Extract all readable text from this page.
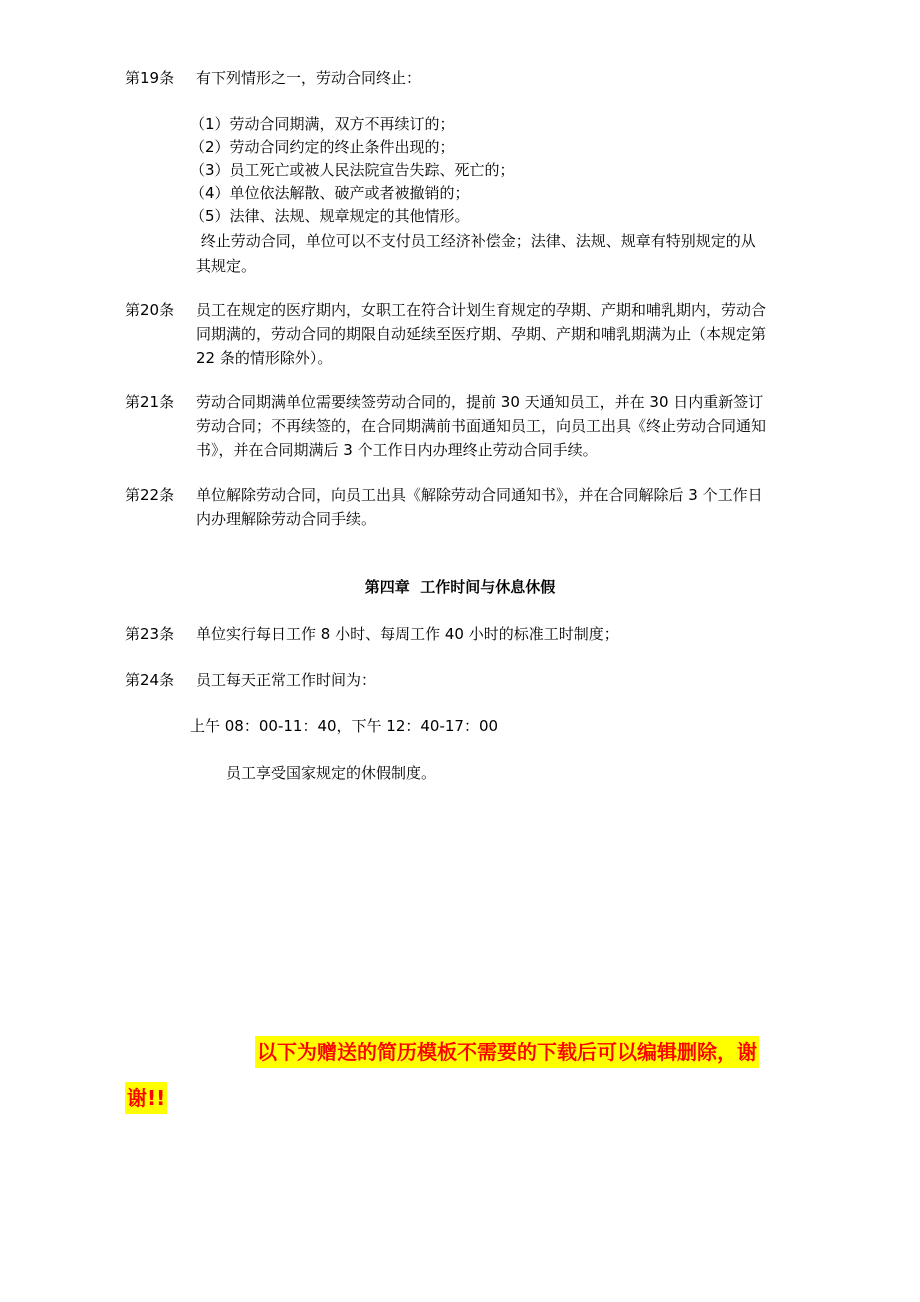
第19条 有下列情形之一，劳动合同终止：
（1）劳动合同期满，双方不再续订的；
（2）劳动合同约定的终止条件出现的；
（3）员工死亡或被人民法院宣告失踪、死亡的；
（4）单位依法解散、破产或者被撤销的；
（5）法律、法规、规章规定的其他情形。
终止劳动合同，单位可以不支付员工经济补偿金；法律、法规、规章有特别规定的从
其规定。
第20条 员工在规定的医疗期内，女职工在符合计划生育规定的孕期、产期和哺乳期内，劳动合
同期满的，劳动合同的期限自动延续至医疗期、孕期、产期和哺乳期满为止（本规定第
22 条的情形除外）。
第21条 劳动合同期满单位需要续签劳动合同的，提前 30 天通知员工，并在 30 日内重新签订
劳动合同；不再续签的，在合同期满前书面通知员工，向员工出具《终止劳动合同通知
书》，并在合同期满后 3 个工作日内办理终止劳动合同手续。
第22条 单位解除劳动合同，向员工出具《解除劳动合同通知书》，并在合同解除后 3 个工作日
内办理解除劳动合同手续。
第四章  工作时间与休息休假
第23条 单位实行每日工作 8 小时、每周工作 40 小时的标准工时制度；
第24条 员工每天正常工作时间为：
上午 08：00-11：40，下午 12：40-17：00
员工享受国家规定的休假制度。
以下为赠送的简历模板不需要的下载后可以编辑删除，谢
谢!!
